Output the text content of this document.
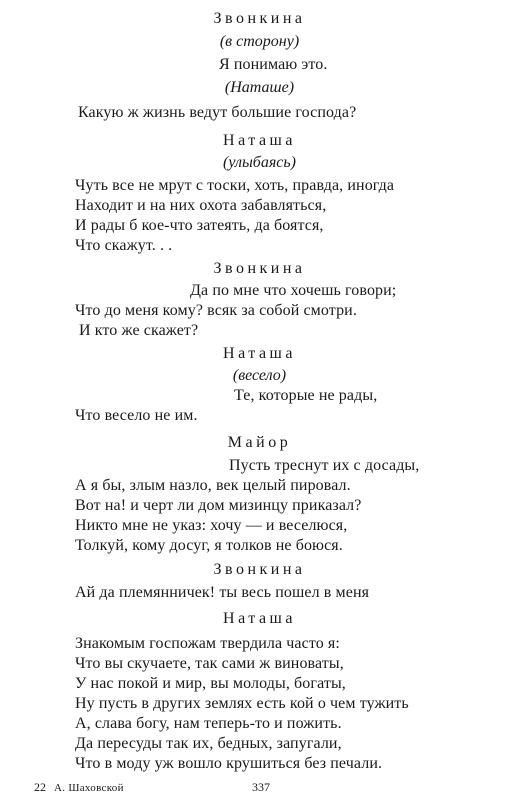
Звонкина
(в сторону)
Я понимаю это.
(Наташе)
Какую ж жизнь ведут большие господа?
Наташа
(улыбаясь)
Чуть все не мрут с тоски, хоть, правда, иногда
Находит и на них охота забавляться,
И рады б кое-что затеять, да боятся,
Что скажут. . .
Звонкина
Да по мне что хочешь говори;
Что до меня кому? всяк за собой смотри.
И кто же скажет?
Наташа
(весело)
Те, которые не рады,
Что весело не им.
Майор
Пусть треснут их с досады,
А я бы, злым назло, век целый пировал.
Вот на! и черт ли дом мизинцу приказал?
Никто мне не указ: хочу — и веселюся,
Толкуй, кому досуг, я толков не боюся.
Звонкина
Ай да племянничек! ты весь пошел в меня
Наташа
Знакомым госпожам твердила часто я:
Что вы скучаете, так сами ж виноваты,
У нас покой и мир, вы молоды, богаты,
Ну пусть в других землях есть кой о чем тужить
А, слава богу, нам теперь-то и пожить.
Да пересуды так их, бедных, запугали,
Что в моду уж вошло крушиться без печали.
22 А. Шаховской	337
